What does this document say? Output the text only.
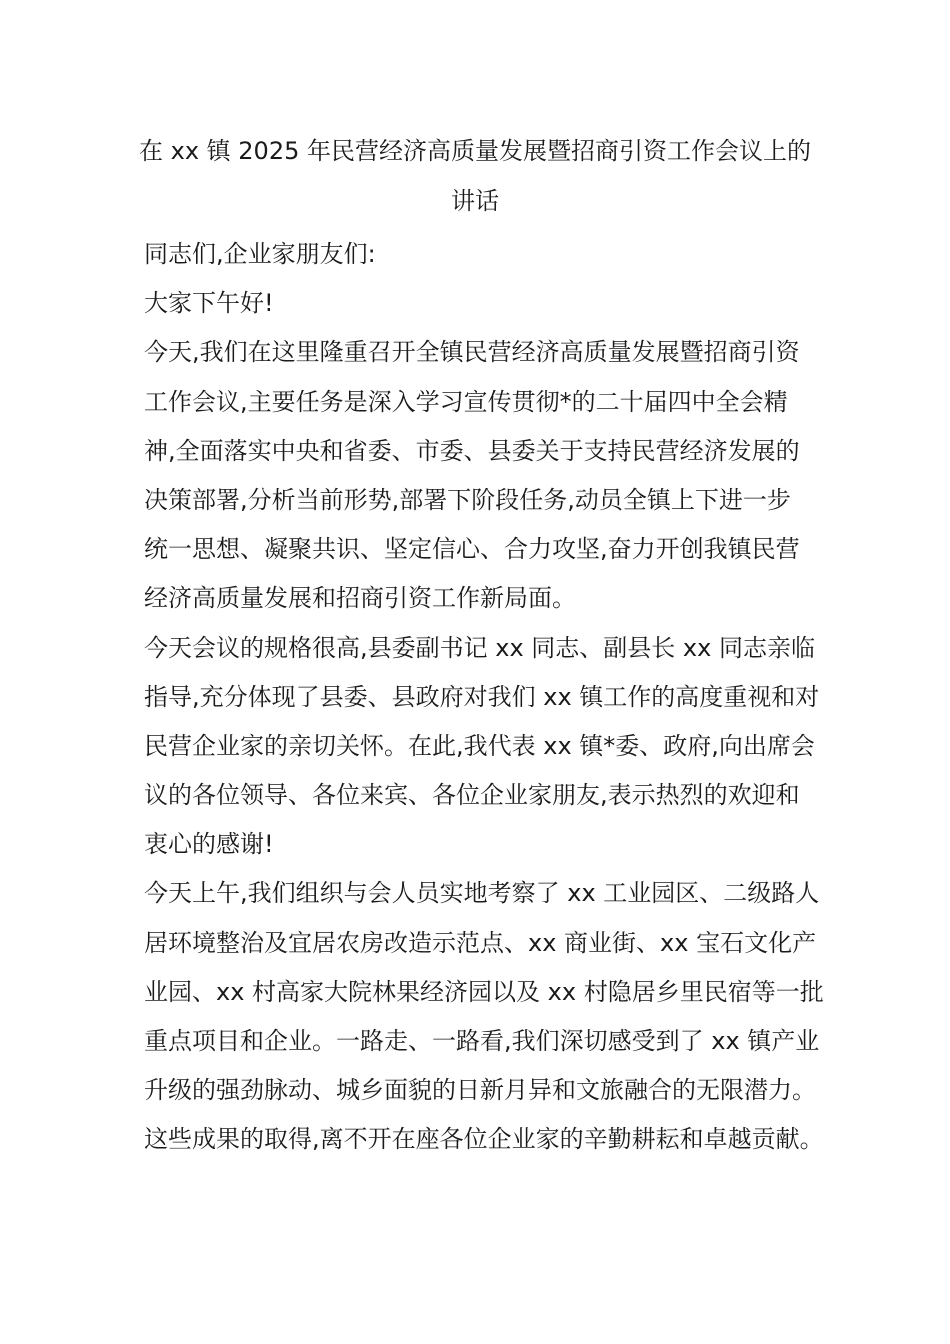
在 xx 镇 2025 年民营经济高质量发展暨招商引资工作会议上的
讲话
同志们,企业家朋友们:
大家下午好!
今天,我们在这里隆重召开全镇民营经济高质量发展暨招商引资
工作会议,主要任务是深入学习宣传贯彻*的二十届四中全会精
神,全面落实中央和省委、市委、县委关于支持民营经济发展的
决策部署,分析当前形势,部署下阶段任务,动员全镇上下进一步
统一思想、凝聚共识、坚定信心、合力攻坚,奋力开创我镇民营
经济高质量发展和招商引资工作新局面。
今天会议的规格很高,县委副书记 xx 同志、副县长 xx 同志亲临
指导,充分体现了县委、县政府对我们 xx 镇工作的高度重视和对
民营企业家的亲切关怀。在此,我代表 xx 镇*委、政府,向出席会
议的各位领导、各位来宾、各位企业家朋友,表示热烈的欢迎和
衷心的感谢!
今天上午,我们组织与会人员实地考察了 xx 工业园区、二级路人
居环境整治及宜居农房改造示范点、xx 商业街、xx 宝石文化产
业园、xx 村高家大院林果经济园以及 xx 村隐居乡里民宿等一批
重点项目和企业。一路走、一路看,我们深切感受到了 xx 镇产业
升级的强劲脉动、城乡面貌的日新月异和文旅融合的无限潜力。
这些成果的取得,离不开在座各位企业家的辛勤耕耘和卓越贡献。
